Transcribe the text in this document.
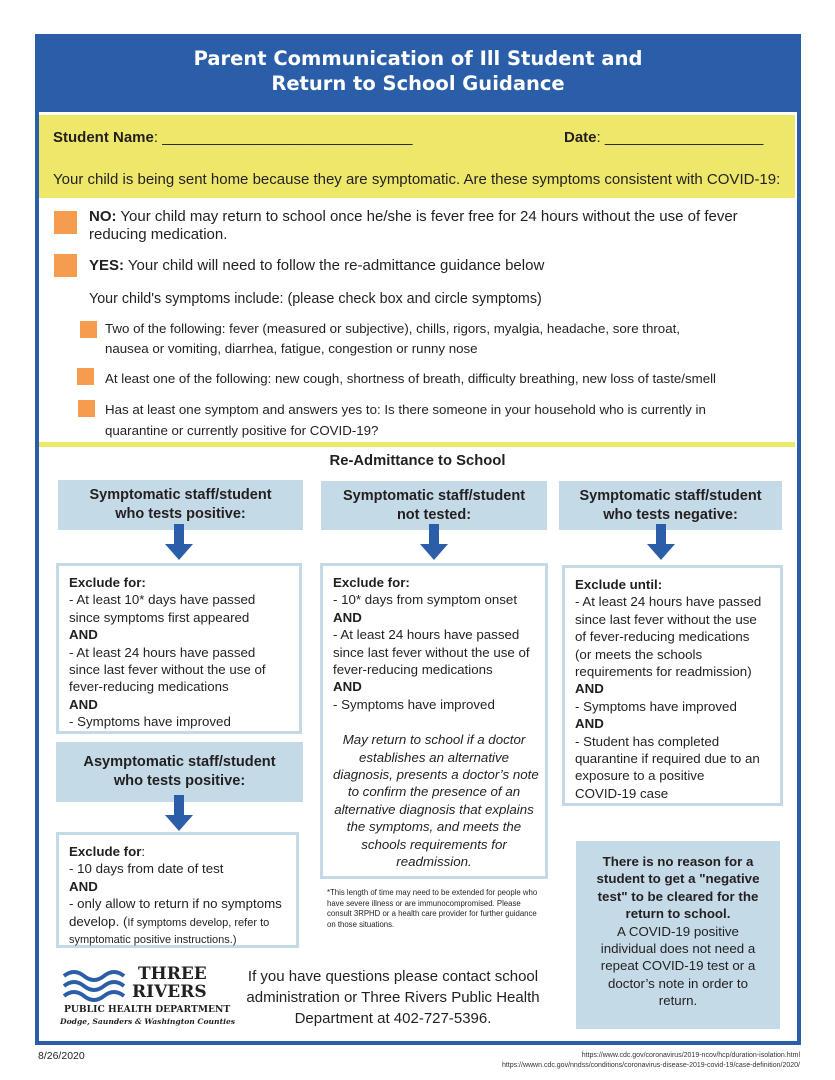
Parent Communication of Ill Student and
Return to School Guidance
Student Name: ______________________________	Date: ___________________
Your child is being sent home because they are symptomatic. Are these symptoms consistent with COVID-19:
NO: Your child may return to school once he/she is fever free for 24 hours without the use of fever
reducing medication.
YES: Your child will need to follow the re-admittance guidance below
Your child's symptoms include: (please check box and circle symptoms)
Two of the following: fever (measured or subjective), chills, rigors, myalgia, headache, sore throat,
nausea or vomiting, diarrhea, fatigue, congestion or runny nose
At least one of the following: new cough, shortness of breath, difficulty breathing, new loss of taste/smell
Has at least one symptom and answers yes to: Is there someone in your household who is currently in
quarantine or currently positive for COVID-19?
Re-Admittance to School
Symptomatic staff/student
who tests positive:
Exclude for:
- At least 10* days have passed
since symptoms first appeared
AND
- At least 24 hours have passed
since last fever without the use of
fever-reducing medications
AND
- Symptoms have improved
Asymptomatic staff/student
who tests positive:
Exclude for:
- 10 days from date of test
AND
- only allow to return if no symptoms
develop. (If symptoms develop, refer to
symptomatic positive instructions.)
Symptomatic staff/student
not tested:
Exclude for:
- 10* days from symptom onset
AND
- At least 24 hours have passed
since last fever without the use of
fever-reducing medications
AND
- Symptoms have improved
May return to school if a doctor
establishes an alternative
diagnosis, presents a doctor’s note
to confirm the presence of an
alternative diagnosis that explains
the symptoms, and meets the
schools requirements for
readmission.
*This length of time may need to be extended for people who have severe illness or are immunocompromised. Please consult 3RPHD or a health care provider for further guidance on those situations.
Symptomatic staff/student
who tests negative:
Exclude until:
- At least 24 hours have passed
since last fever without the use
of fever-reducing medications
(or meets the schools
requirements for readmission)
AND
- Symptoms have improved
AND
- Student has completed
quarantine if required due to an
exposure to a positive
COVID-19 case
There is no reason for a
student to get a "negative
test" to be cleared for the
return to school.
A COVID-19 positive
individual does not need a
repeat COVID-19 test or a
doctor’s note in order to
return.
THREE
RIVERS
PUBLIC HEALTH DEPARTMENT
Dodge, Saunders & Washington Counties
If you have questions please contact school
administration or Three Rivers Public Health
Department at 402-727-5396.
8/26/2020	https://www.cdc.gov/coronavirus/2019-ncov/hcp/duration-isolation.html
https://wwwn.cdc.gov/nndss/conditions/coronavirus-disease-2019-covid-19/case-definition/2020/
